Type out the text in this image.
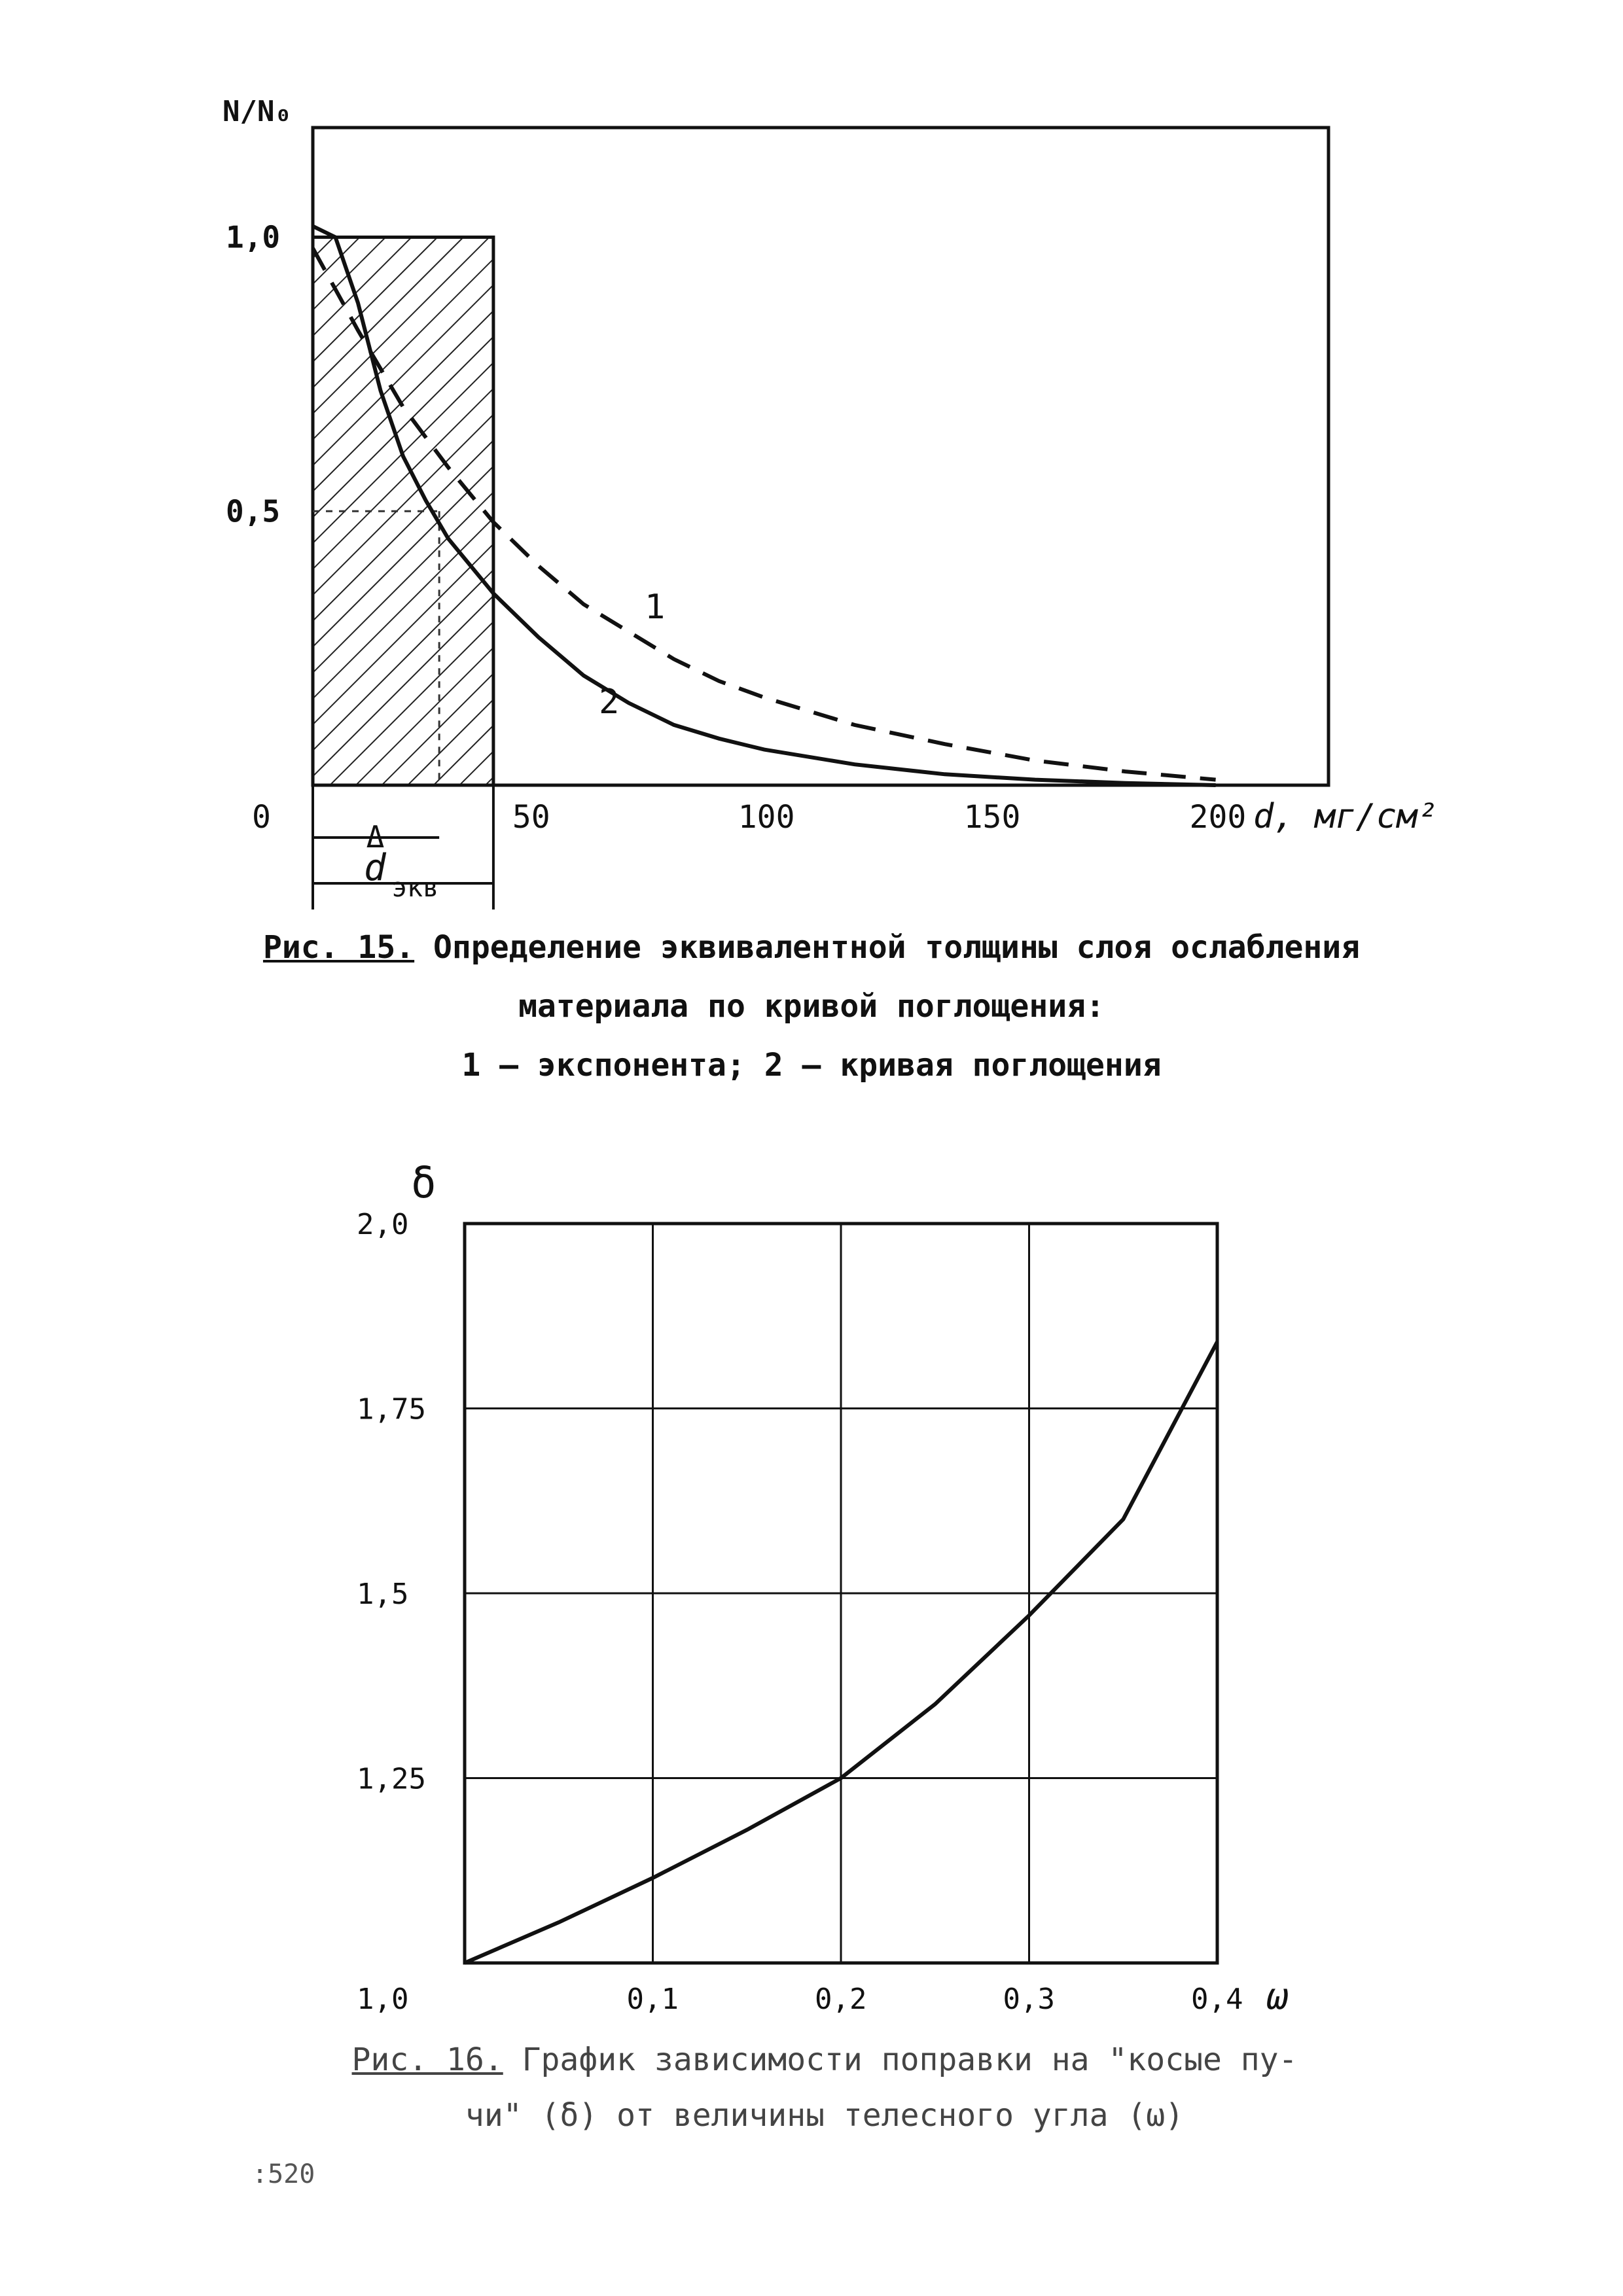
1
2
N/N₀
0,5
1,0
0	50	100	150	200 d, мг/см²
Δ
d экв
Рис. 15. Определение эквивалентной толщины слоя ослабления
материала по кривой поглощения:
1 – экспонента; 2 – кривая поглощения
δ
1,25
1,5
1,75
2,0
1,0	0,1	0,2	0,3	0,4 ω
Рис. 16. График зависимости поправки на "косые пу-
чи" (δ) от величины телесного угла (ω)
:520
